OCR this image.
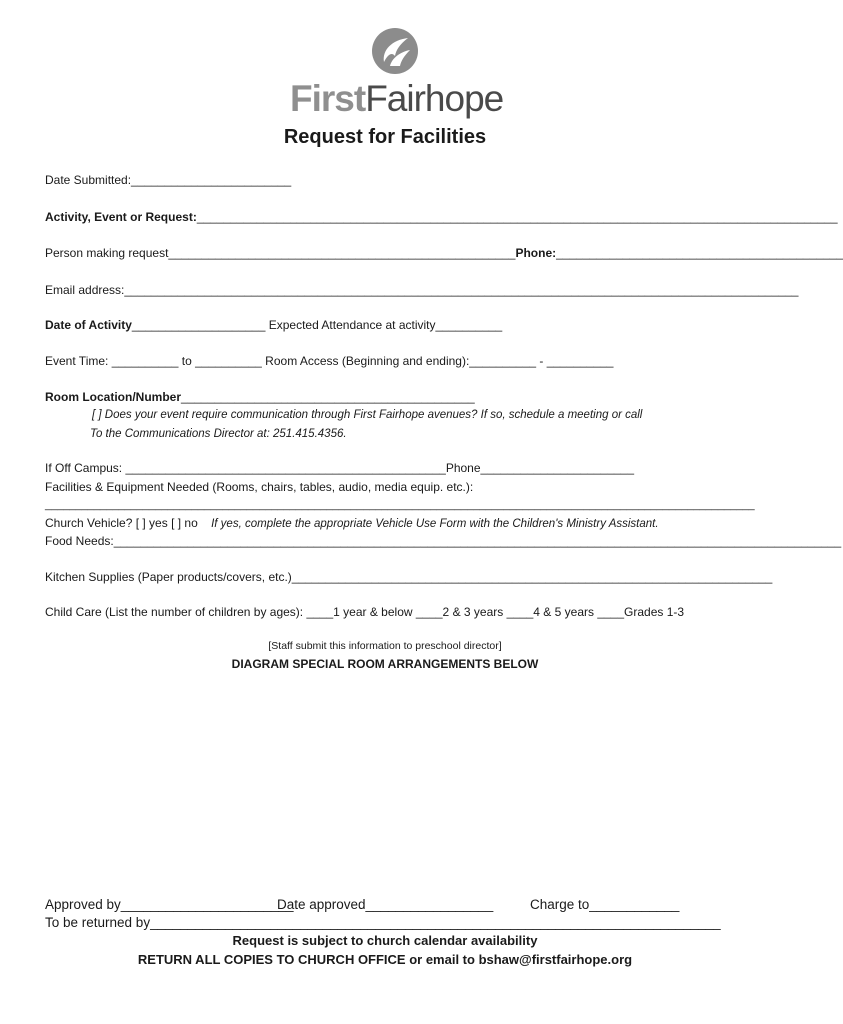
FirstFairhope
Request for Facilities
Date Submitted:________________________
Activity, Event or Request:________________________________________________________________________________________________
Person making request____________________________________________________Phone:___________________________________________
Email address:_____________________________________________________________________________________________________
Date of Activity____________________ Expected Attendance at activity__________
Event Time: __________ to __________ Room Access (Beginning and ending):__________ - __________
Room Location/Number____________________________________________
[ ] Does your event require communication through First Fairhope avenues? If so, schedule a meeting or call
To the Communications Director at: 251.415.4356.
If Off Campus: ________________________________________________Phone_______________________
Facilities & Equipment Needed (Rooms, chairs, tables, audio, media equip. etc.):
____________________________________________________________________________________________________________________
Church Vehicle? [ ] yes [ ] no If yes, complete the appropriate Vehicle Use Form with the Children's Ministry Assistant.
Food Needs:_____________________________________________________________________________________________________________
Kitchen Supplies (Paper products/covers, etc.)________________________________________________________________________
Child Care (List the number of children by ages): ____1 year & below ____2 & 3 years ____4 & 5 years ____Grades 1-3
[Staff submit this information to preschool director]
DIAGRAM SPECIAL ROOM ARRANGEMENTS BELOW
Approved by_______________________
Date approved_________________	Charge to____________
To be returned by____________________________________________________________________________
Request is subject to church calendar availability
RETURN ALL COPIES TO CHURCH OFFICE or email to bshaw@firstfairhope.org
